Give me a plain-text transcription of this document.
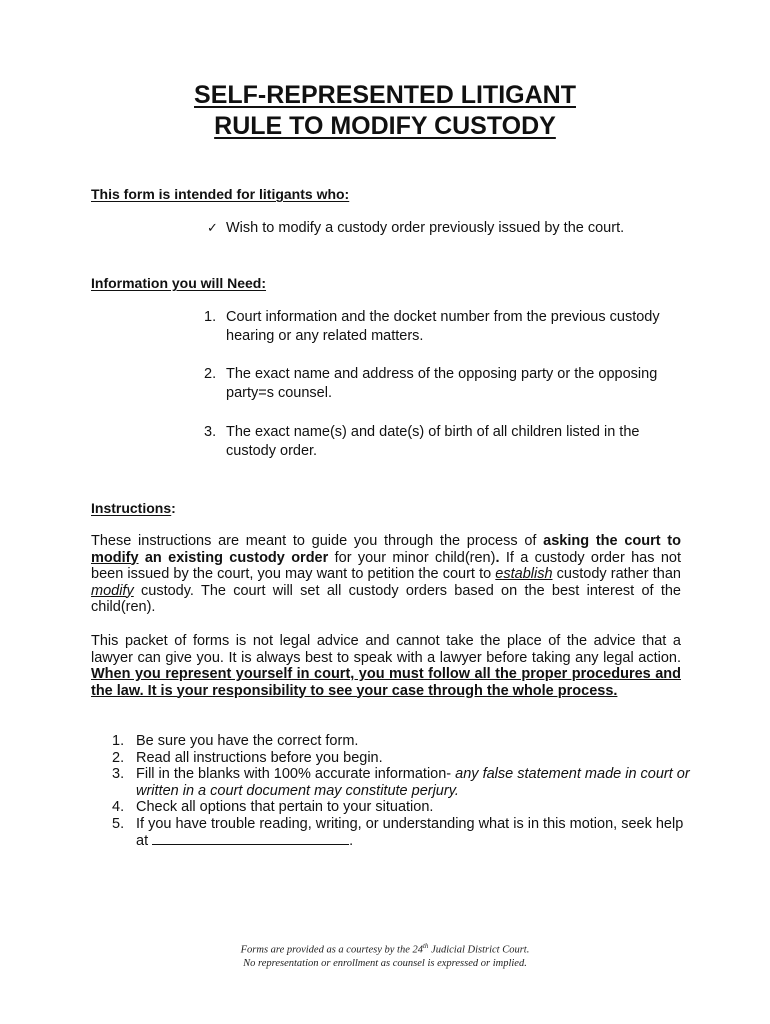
SELF-REPRESENTED LITIGANT
RULE TO MODIFY CUSTODY
This form is intended for litigants who:
✓ Wish to modify a custody order previously issued by the court.
Information you will Need:
1. Court information and the docket number from the previous custody hearing or any related matters.
2. The exact name and address of the opposing party or the opposing party=s counsel.
3. The exact name(s) and date(s) of birth of all children listed in the custody order.
Instructions:
These instructions are meant to guide you through the process of asking the court to modify an existing custody order for your minor child(ren). If a custody order has not been issued by the court, you may want to petition the court to establish custody rather than modify custody. The court will set all custody orders based on the best interest of the child(ren).
This packet of forms is not legal advice and cannot take the place of the advice that a lawyer can give you. It is always best to speak with a lawyer before taking any legal action. When you represent yourself in court, you must follow all the proper procedures and the law. It is your responsibility to see your case through the whole process.
1. Be sure you have the correct form.
2. Read all instructions before you begin.
3. Fill in the blanks with 100% accurate information- any false statement made in court or written in a court document may constitute perjury.
4. Check all options that pertain to your situation.
5. If you have trouble reading, writing, or understanding what is in this motion, seek help at	.
Forms are provided as a courtesy by the 24th Judicial District Court.
No representation or enrollment as counsel is expressed or implied.
